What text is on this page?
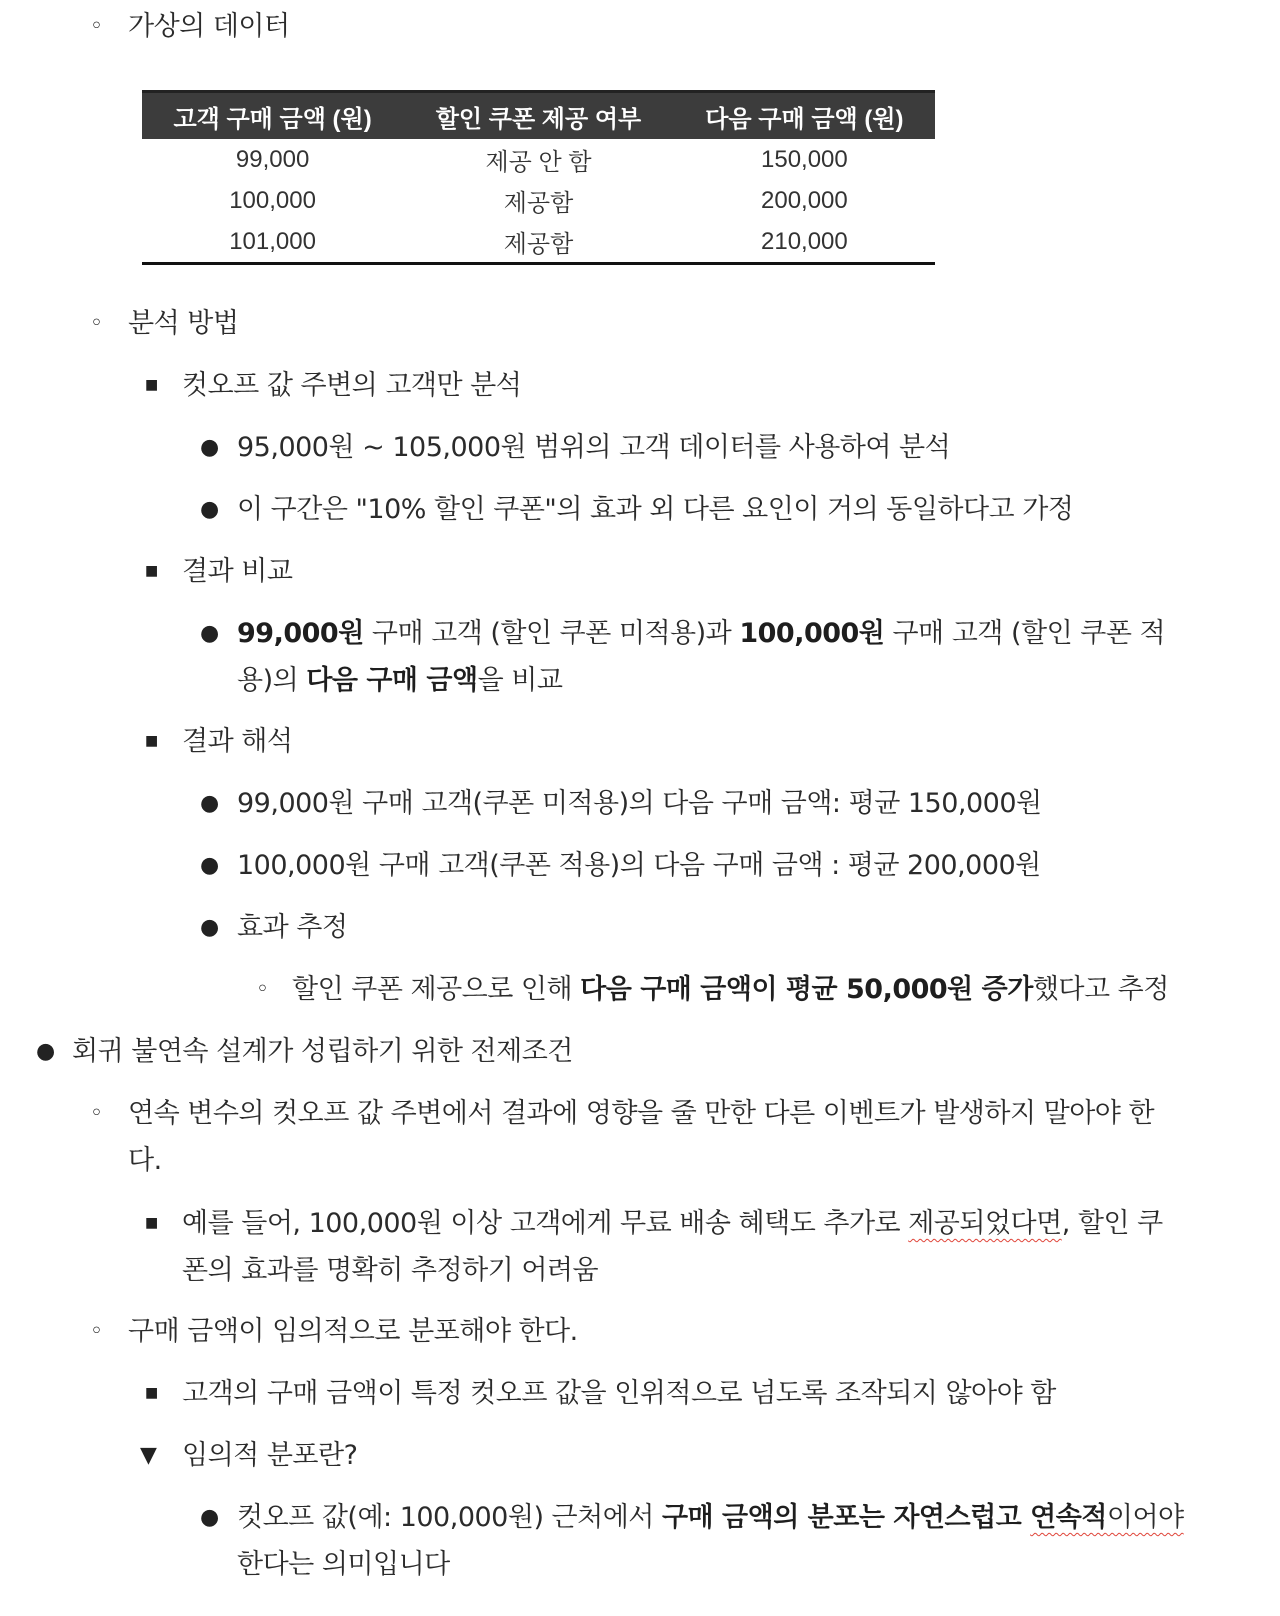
◦ 가상의 데이터
고객 구매 금액 (원)	할인 쿠폰 제공 여부	다음 구매 금액 (원)
99,000	제공 안 함	150,000
100,000	제공함	200,000
101,000	제공함	210,000
◦ 분석 방법
■ 컷오프 값 주변의 고객만 분석
● 95,000원 ~ 105,000원 범위의 고객 데이터를 사용하여 분석
● 이 구간은 "10% 할인 쿠폰"의 효과 외 다른 요인이 거의 동일하다고 가정
■ 결과 비교
● 99,000원 구매 고객 (할인 쿠폰 미적용)과 100,000원 구매 고객 (할인 쿠폰 적
용)의 다음 구매 금액을 비교
■ 결과 해석
● 99,000원 구매 고객(쿠폰 미적용)의 다음 구매 금액: 평균 150,000원
● 100,000원 구매 고객(쿠폰 적용)의 다음 구매 금액 : 평균 200,000원
● 효과 추정
◦ 할인 쿠폰 제공으로 인해 다음 구매 금액이 평균 50,000원 증가했다고 추정
● 회귀 불연속 설계가 성립하기 위한 전제조건
◦ 연속 변수의 컷오프 값 주변에서 결과에 영향을 줄 만한 다른 이벤트가 발생하지 말아야 한
다.
■ 예를 들어, 100,000원 이상 고객에게 무료 배송 혜택도 추가로 제공되었다면, 할인 쿠
폰의 효과를 명확히 추정하기 어려움
◦ 구매 금액이 임의적으로 분포해야 한다.
■ 고객의 구매 금액이 특정 컷오프 값을 인위적으로 넘도록 조작되지 않아야 함
▼ 임의적 분포란?
● 컷오프 값(예: 100,000원) 근처에서 구매 금액의 분포는 자연스럽고 연속적이어야
한다는 의미입니다
